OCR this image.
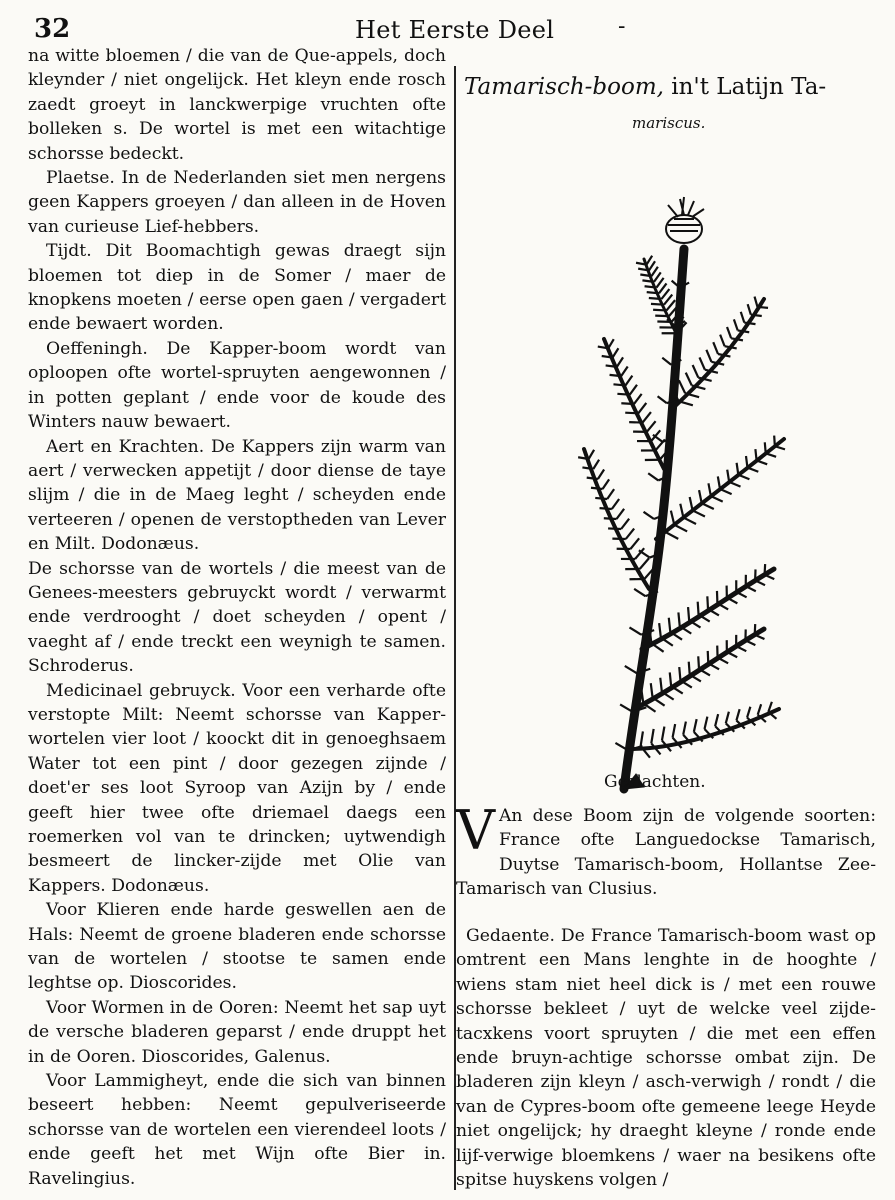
32	Het Eerste Deel	-

na witte bloemen / die van de Que-appels, doch kleynder / niet ongelijck. Het kleyn ende rosch zaedt groeyt in lanckwerpige vruchten ofte bolleken s. De wortel is met een witachtige schorsse bedeckt.

Plaetse. In de Nederlanden siet men nergens geen Kappers groeyen / dan alleen in de Hoven van curieuse Lief-hebbers.

Tijdt. Dit Boomachtigh gewas draegt sijn bloemen tot diep in de Somer / maer de knopkens moeten / eerse open gaen / vergadert ende bewaert worden.

Oeffeningh. De Kapper-boom wordt van oploopen ofte wortel-spruyten aengewonnen / in potten geplant / ende voor de koude des Winters nauw bewaert.

Aert en Krachten. De Kappers zijn warm van aert / verwecken appetijt / door diense de taye slijm / die in de Maeg leght / scheyden ende verteeren / openen de verstoptheden van Lever en Milt. Dodonæus.

De schorsse van de wortels / die meest van de Genees-meesters gebruyckt wordt / verwarmt ende verdrooght / doet scheyden / opent / vaeght af / ende treckt een weynigh te samen. Schroderus.

Medicinael gebruyck. Voor een verharde ofte verstopte Milt: Neemt schorsse van Kapper-wortelen vier loot / koockt dit in genoeghsaem Water tot een pint / door gezegen zijnde / doet'er ses loot Syroop van Azijn by / ende geeft hier twee ofte driemael daegs een roemerken vol van te drincken; uytwendigh besmeert de lincker-zijde met Olie van Kappers. Dodonæus.

Voor Klieren ende harde geswellen aen de Hals: Neemt de groene bladeren ende schorsse van de wortelen / stootse te samen ende leghtse op. Dioscorides.

Voor Wormen in de Ooren: Neemt het sap uyt de versche bladeren geparst / ende druppt het in de Ooren. Dioscorides, Galenus.

Voor Lammigheyt, ende die sich van binnen beseert hebben: Neemt gepulveriseerde schorsse van de wortelen een vierendeel loots / ende geeft het met Wijn ofte Bier in. Ravelingius.

Tamarisch-boom, in't Latijn Ta-
mariscus.
Geslachten.
V An dese Boom zijn de volgende soorten: France ofte Languedockse Tamarisch, Duytse Tamarisch-boom, Hollantse Zee-Tamarisch van Clusius.

Gedaente. De France Tamarisch-boom wast op omtrent een Mans lenghte in de hooghte / wiens stam niet heel dick is / met een rouwe schorsse bekleet / uyt de welcke veel zijde-tacxkens voort spruyten / die met een effen ende bruyn-achtige schorsse ombat zijn. De bladeren zijn kleyn / asch-verwigh / rondt / die van de Cypres-boom ofte gemeene leege Heyde niet ongelijck; hy draeght kleyne / ronde ende lijf-verwige bloemkens / waer na besikens ofte spitse huyskens volgen /
